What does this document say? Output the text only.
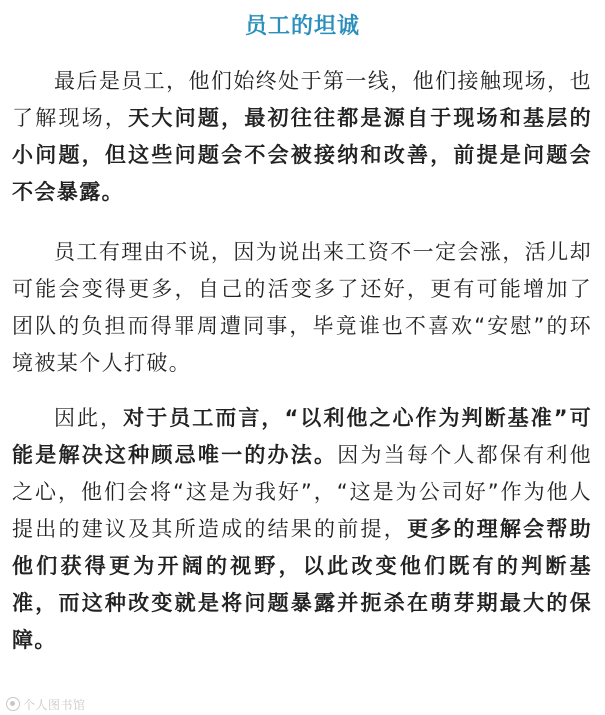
员工的坦诚

最后是员工，他们始终处于第一线，他们接触现场，也了解现场，天大问题，最初往往都是源自于现场和基层的小问题，但这些问题会不会被接纳和改善，前提是问题会不会暴露。

员工有理由不说，因为说出来工资不一定会涨，活儿却可能会变得更多，自己的活变多了还好，更有可能增加了团队的负担而得罪周遭同事，毕竟谁也不喜欢“安慰”的环境被某个人打破。

因此，对于员工而言，“以利他之心作为判断基准”可能是解决这种顾忌唯一的办法。因为当每个人都保有利他之心，他们会将“这是为我好”，“这是为公司好”作为他人提出的建议及其所造成的结果的前提，更多的理解会帮助他们获得更为开阔的视野，以此改变他们既有的判断基准，而这种改变就是将问题暴露并扼杀在萌芽期最大的保障。

个人图书馆
